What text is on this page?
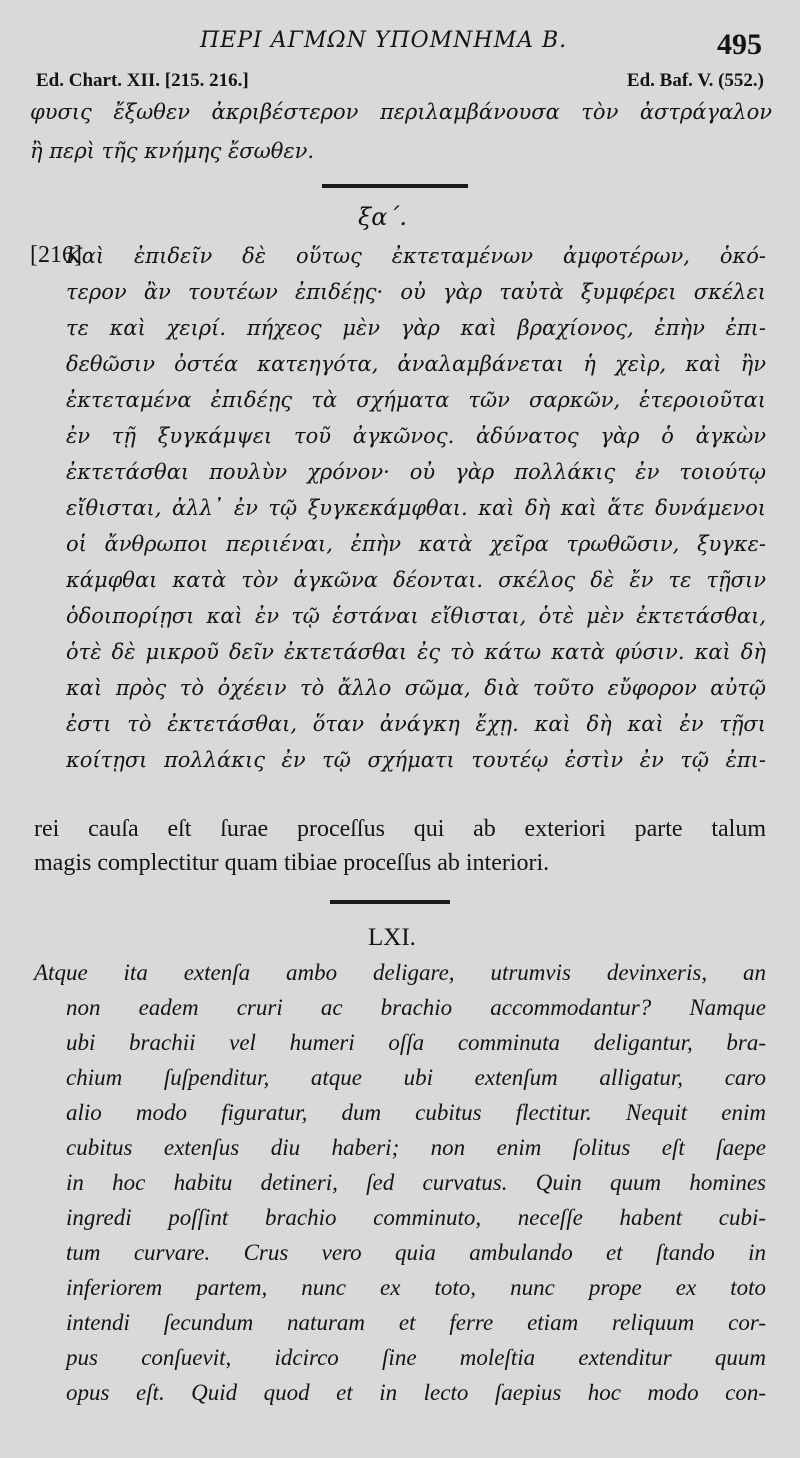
ΠΕΡΙ ΑΓΜΩΝ ΥΠΟΜΝΗΜΑ Β.	495
Ed. Chart. XII. [215. 216.]	Ed. Baf. V. (552.)
φυσις ἔξωθεν ἀκριβέστερον περιλαμβάνουσα τὸν ἀστράγαλον
ἢ περὶ τῆς κνήμης ἔσωθεν.
ξα΄.
[216]
Καὶ ἐπιδεῖν δὲ οὕτως ἐκτεταμένων ἀμφοτέρων, ὁκό-
τερον ἂν τουτέων ἐπιδέῃς· οὐ γὰρ ταὐτὰ ξυμφέρει σκέλει
τε καὶ χειρί. πήχεος μὲν γὰρ καὶ βραχίονος, ἐπὴν ἐπι-
δεθῶσιν ὀστέα κατεηγότα, ἀναλαμβάνεται ἡ χεὶρ, καὶ ἢν
ἐκτεταμένα ἐπιδέῃς τὰ σχήματα τῶν σαρκῶν, ἑτεροιοῦται
ἐν τῇ ξυγκάμψει τοῦ ἀγκῶνος. ἀδύνατος γὰρ ὁ ἀγκὼν
ἐκτετάσθαι πουλὺν χρόνον· οὐ γὰρ πολλάκις ἐν τοιούτῳ
εἴθισται, ἀλλ᾽ ἐν τῷ ξυγκεκάμφθαι. καὶ δὴ καὶ ἅτε δυνάμενοι
οἱ ἄνθρωποι περιιέναι, ἐπὴν κατὰ χεῖρα τρωθῶσιν, ξυγκε-
κάμφθαι κατὰ τὸν ἀγκῶνα δέονται. σκέλος δὲ ἔν τε τῇσιν
ὁδοιπορίῃσι καὶ ἐν τῷ ἑστάναι εἴθισται, ὁτὲ μὲν ἐκτετάσθαι,
ὁτὲ δὲ μικροῦ δεῖν ἐκτετάσθαι ἐς τὸ κάτω κατὰ φύσιν. καὶ δὴ
καὶ πρὸς τὸ ὀχέειν τὸ ἄλλο σῶμα, διὰ τοῦτο εὔφορον αὐτῷ
ἐστι τὸ ἐκτετάσθαι, ὅταν ἀνάγκη ἔχῃ. καὶ δὴ καὶ ἐν τῇσι
κοίτῃσι πολλάκις ἐν τῷ σχήματι τουτέῳ ἐστὶν ἐν τῷ ἐπι-
rei cauſa eſt ſurae proceſſus qui ab exteriori parte talum
magis complectitur quam tibiae proceſſus ab interiori.
LXI.
Atque ita extenſa ambo deligare, utrumvis devinxeris, an
non eadem cruri ac brachio accommodantur? Namque
ubi brachii vel humeri oſſa comminuta deligantur, bra-
chium ſuſpenditur, atque ubi extenſum alligatur, caro
alio modo figuratur, dum cubitus flectitur. Nequit enim
cubitus extenſus diu haberi; non enim ſolitus eſt ſaepe
in hoc habitu detineri, ſed curvatus. Quin quum homines
ingredi poſſint brachio comminuto, neceſſe habent cubi-
tum curvare. Crus vero quia ambulando et ſtando in
inferiorem partem, nunc ex toto, nunc prope ex toto
intendi ſecundum naturam et ferre etiam reliquum cor-
pus conſuevit, idcirco ſine moleſtia extenditur quum
opus eſt. Quid quod et in lecto ſaepius hoc modo con-
